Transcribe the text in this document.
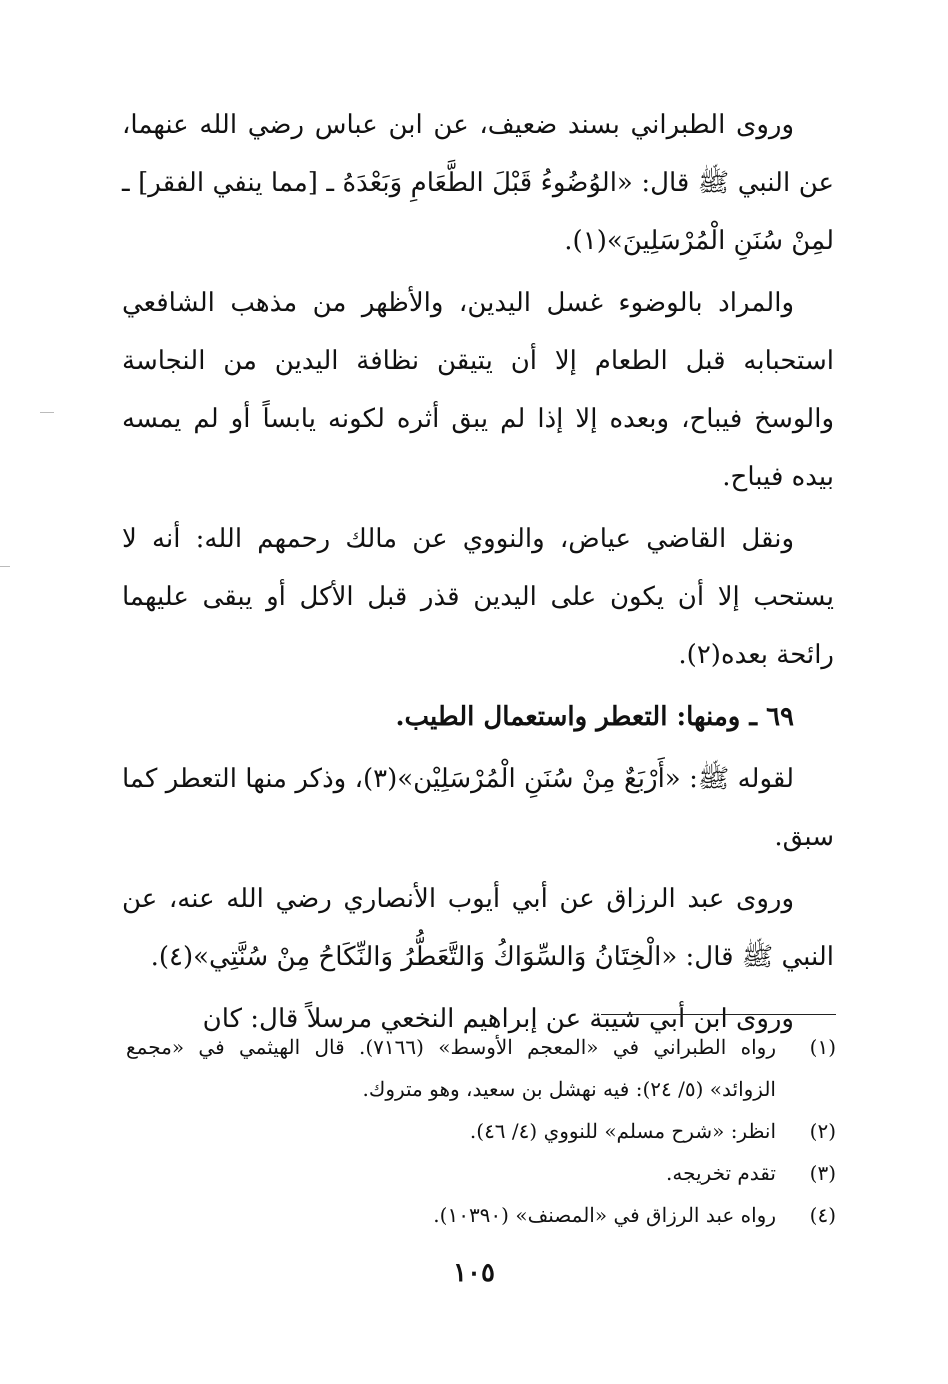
وروى الطبراني بسند ضعيف، عن ابن عباس رضي الله عنهما، عن النبي ﷺ قال: «الوُضُوءُ قَبْلَ الطَّعَامِ وَبَعْدَهُ ـ [مما ينفي الفقر] ـ لمِنْ سُنَنِ الْمُرْسَلِينَ»(١).

والمراد بالوضوء غسل اليدين، والأظهر من مذهب الشافعي استحبابه قبل الطعام إلا أن يتيقن نظافة اليدين من النجاسة والوسخ فيباح، وبعده إلا إذا لم يبق أثره لكونه يابساً أو لم يمسه بيده فيباح.

ونقل القاضي عياض، والنووي عن مالك رحمهم الله: أنه لا يستحب إلا أن يكون على اليدين قذر قبل الأكل أو يبقى عليهما رائحة بعده(٢).

٦٩ ـ ومنها: التعطر واستعمال الطيب.

لقوله ﷺ: «أَرْبَعٌ مِنْ سُنَنِ الْمُرْسَلِيْن»(٣)، وذكر منها التعطر كما سبق.

وروى عبد الرزاق عن أبي أيوب الأنصاري رضي الله عنه، عن النبي ﷺ قال: «الْخِتَانُ وَالسِّوَاكُ وَالتَّعَطُّرُ وَالنِّكَاحُ مِنْ سُنَّتِي»(٤).

وروى ابن أبي شيبة عن إبراهيم النخعي مرسلاً قال: كان

(١)
رواه الطبراني في «المعجم الأوسط» (٧١٦٦). قال الهيثمي في «مجمع الزوائد» (٥/ ٢٤): فيه نهشل بن سعيد، وهو متروك.
(٢)
انظر: «شرح مسلم» للنووي (٤/ ٤٦).
(٣)
تقدم تخريجه.
(٤)
رواه عبد الرزاق في «المصنف» (١٠٣٩٠).
١٠٥
